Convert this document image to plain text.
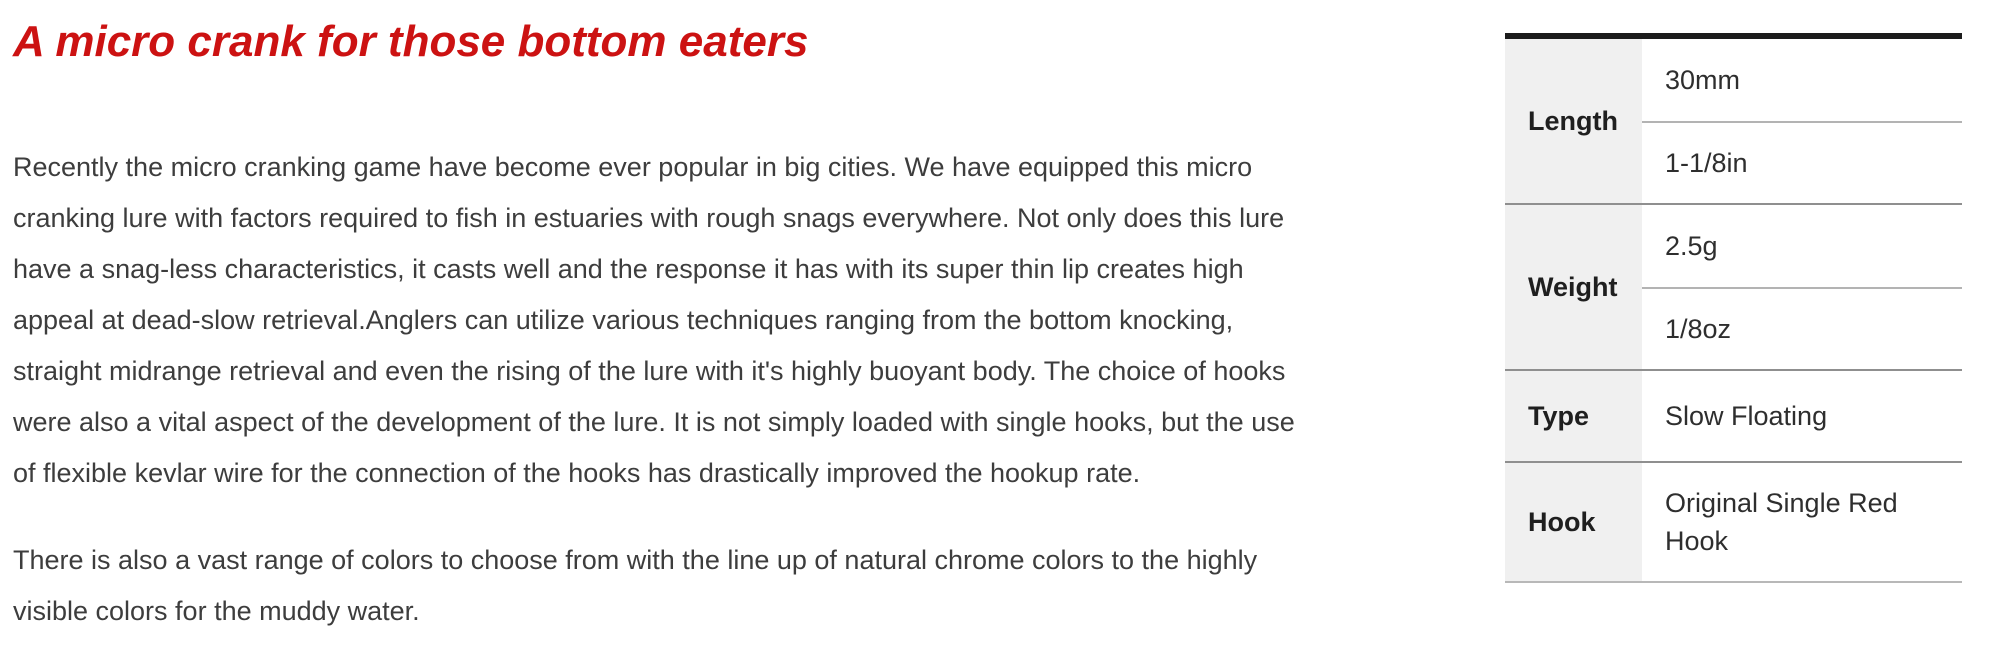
A micro crank for those bottom eaters
Recently the micro cranking game have become ever popular in big cities. We have equipped this micro
cranking lure with factors required to fish in estuaries with rough snags everywhere. Not only does this lure
have a snag-less characteristics, it casts well and the response it has with its super thin lip creates high
appeal at dead-slow retrieval.Anglers can utilize various techniques ranging from the bottom knocking,
straight midrange retrieval and even the rising of the lure with it's highly buoyant body. The choice of hooks
were also a vital aspect of the development of the lure. It is not simply loaded with single hooks, but the use
of flexible kevlar wire for the connection of the hooks has drastically improved the hookup rate.
There is also a vast range of colors to choose from with the line up of natural chrome colors to the highly
visible colors for the muddy water.
Length
30mm
1-1/8in
Weight
2.5g
1/8oz
Type	Slow Floating
Hook
Original Single Red Hook
